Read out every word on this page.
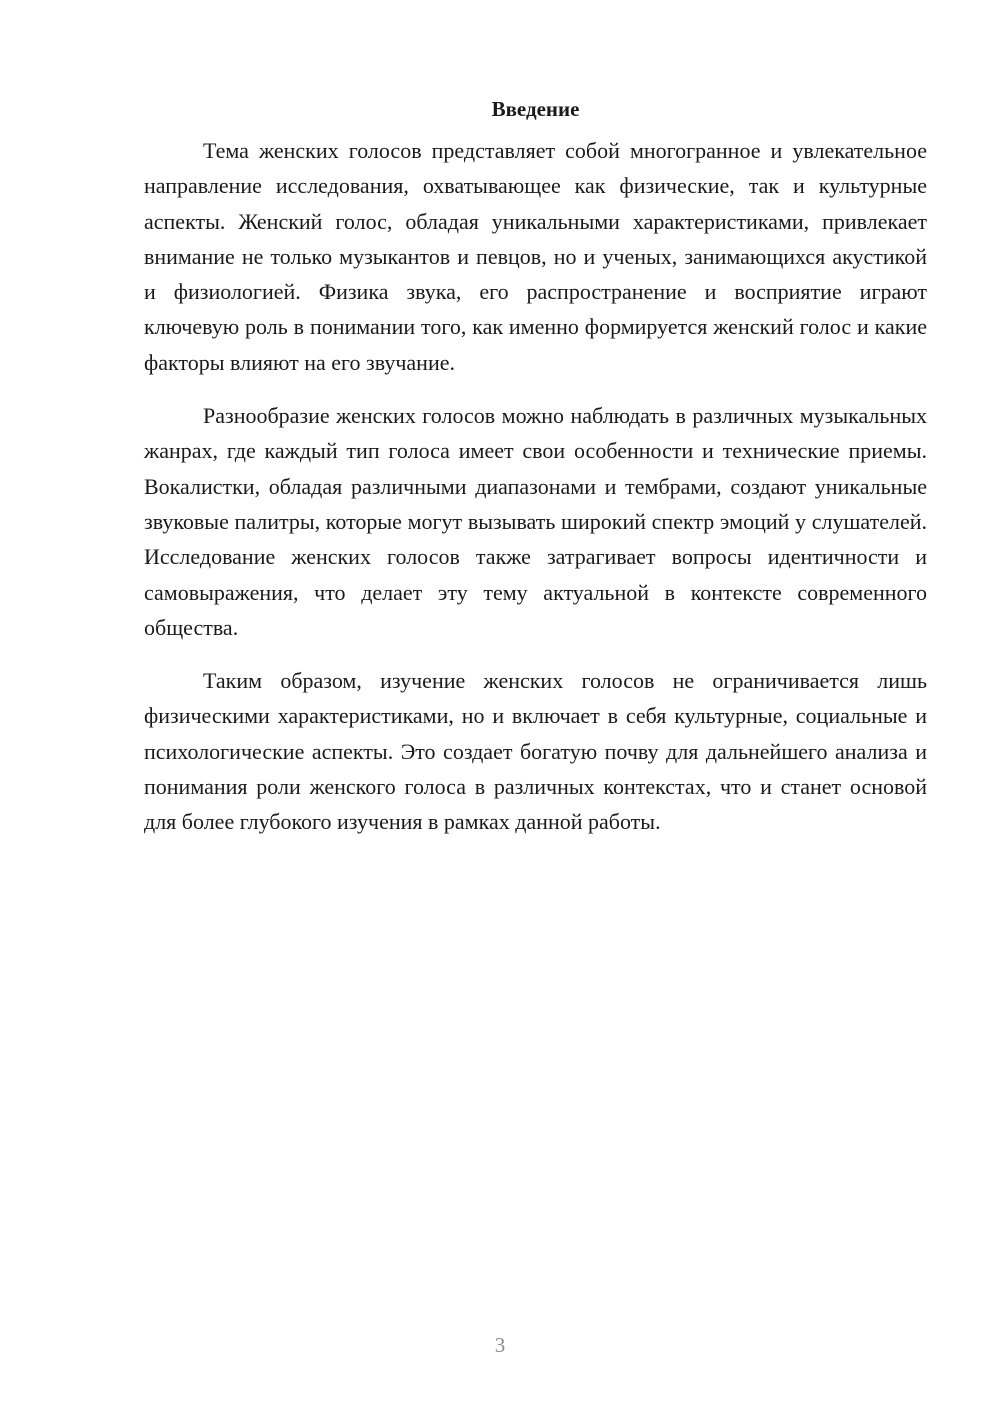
Введение

Тема женских голосов представляет собой многогранное и увлекательное направление исследования, охватывающее как физические, так и культурные аспекты. Женский голос, обладая уникальными характеристиками, привлекает внимание не только музыкантов и певцов, но и ученых, занимающихся акустикой и физиологией. Физика звука, его распространение и восприятие играют ключевую роль в понимании того, как именно формируется женский голос и какие факторы влияют на его звучание.

Разнообразие женских голосов можно наблюдать в различных музыкальных жанрах, где каждый тип голоса имеет свои особенности и технические приемы. Вокалистки, обладая различными диапазонами и тембрами, создают уникальные звуковые палитры, которые могут вызывать широкий спектр эмоций у слушателей. Исследование женских голосов также затрагивает вопросы идентичности и самовыражения, что делает эту тему актуальной в контексте современного общества.

Таким образом, изучение женских голосов не ограничивается лишь физическими характеристиками, но и включает в себя культурные, социальные и психологические аспекты. Это создает богатую почву для дальнейшего анализа и понимания роли женского голоса в различных контекстах, что и станет основой для более глубокого изучения в рамках данной работы.

3
